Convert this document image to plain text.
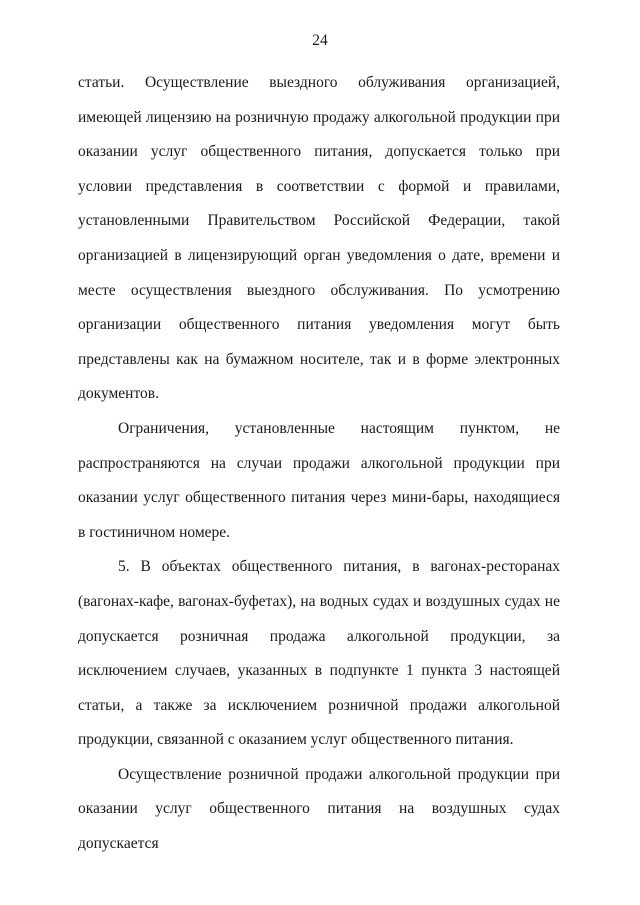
24

статьи. Осуществление выездного облуживания организацией, имеющей лицензию на розничную продажу алкогольной продукции при оказании услуг общественного питания, допускается только при условии представления в соответствии с формой и правилами, установленными Правительством Российской Федерации, такой организацией в лицензирующий орган уведомления о дате, времени и месте осуществления выездного обслуживания. По усмотрению организации общественного питания уведомления могут быть представлены как на бумажном носителе, так и в форме электронных документов.

Ограничения, установленные настоящим пунктом, не распространяются на случаи продажи алкогольной продукции при оказании услуг общественного питания через мини-бары, находящиеся в гостиничном номере.

5. В объектах общественного питания, в вагонах-ресторанах (вагонах-кафе, вагонах-буфетах), на водных судах и воздушных судах не допускается розничная продажа алкогольной продукции, за исключением случаев, указанных в подпункте 1 пункта 3 настоящей статьи, а также за исключением розничной продажи алкогольной продукции, связанной с оказанием услуг общественного питания.

Осуществление розничной продажи алкогольной продукции при оказании услуг общественного питания на воздушных судах допускается
